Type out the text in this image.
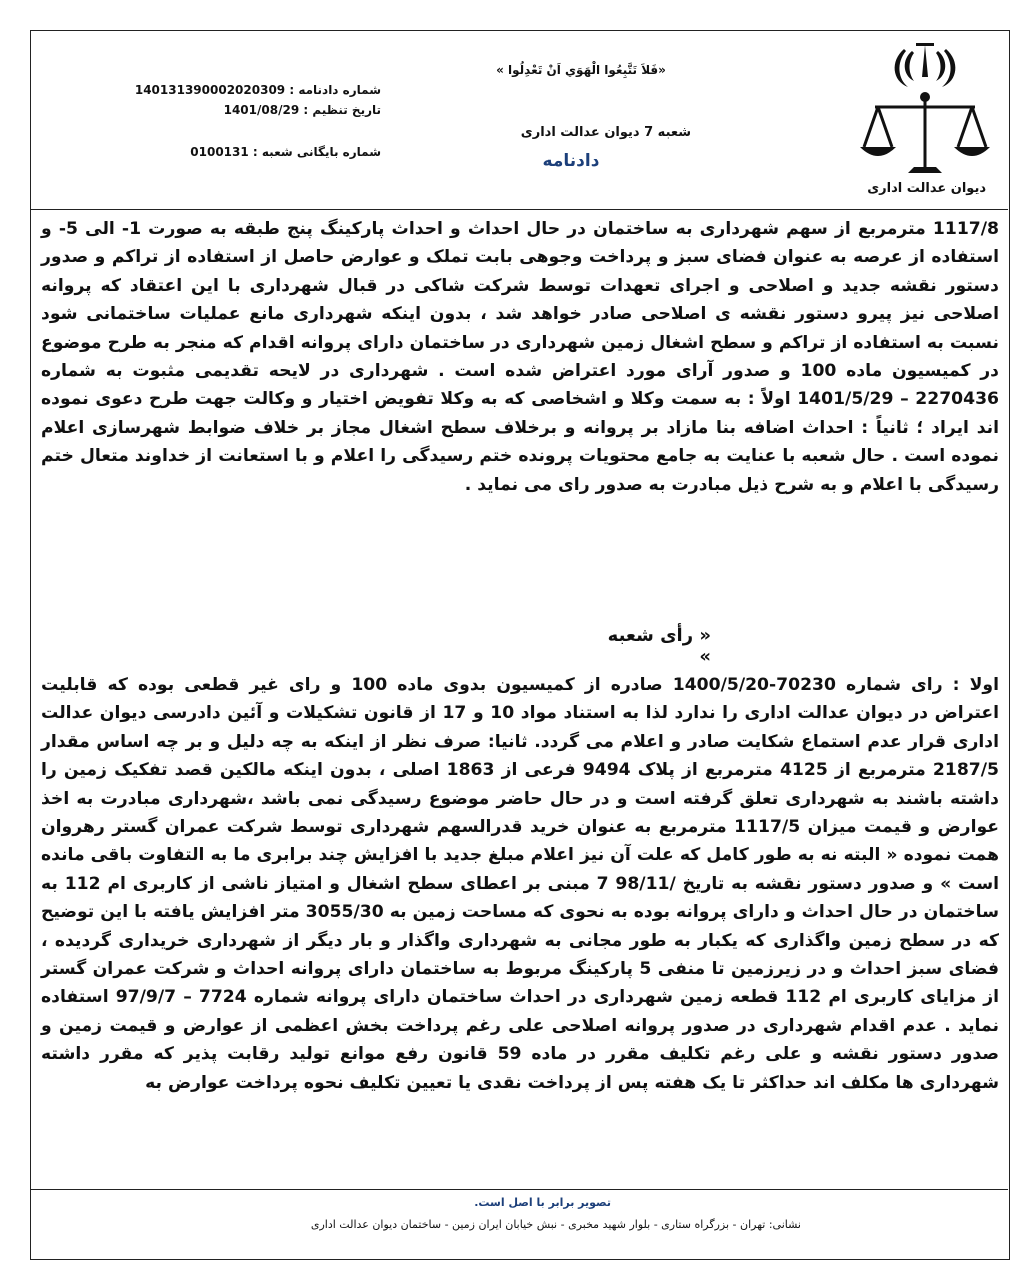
دیوان عدالت اداری
«فَلاَ تَتَّبِعُوا الْهَوَي اَنْ تَعْدِلُوا »
شعبه 7 دیوان عدالت اداری
دادنامه
شماره دادنامه : 140131390002020309
تاریخ تنظیم : 1401/08/29
شماره بایگانی شعبه : 0100131

1117/8 مترمربع از سهم شهرداری به ساختمان در حال احداث و احداث پارکینگ پنج طبقه به صورت 1- الی 5- و استفاده از عرصه به عنوان فضای سبز و پرداخت وجوهی بابت تملک و عوارض حاصل از استفاده از تراکم و صدور دستور نقشه جدید و اصلاحی و اجرای تعهدات توسط شرکت شاکی در قبال شهرداری با این اعتقاد که پروانه اصلاحی نیز پیرو دستور نقشه ی اصلاحی صادر خواهد شد ، بدون اینکه شهرداری مانع عملیات ساختمانی شود نسبت به استفاده از تراکم و سطح اشغال زمین شهرداری در ساختمان دارای پروانه اقدام که منجر به طرح موضوع در کمیسیون ماده 100 و صدور آرای مورد اعتراض شده است . شهرداری در لایحه تقدیمی مثبوت به شماره 2270436 – 1401/5/29 اولاً : به سمت وکلا و اشخاصی که به وکلا تفویض اختیار و وکالت جهت طرح دعوی نموده اند ایراد ؛ ثانیاً : احداث اضافه بنا مازاد بر پروانه و برخلاف سطح اشغال مجاز بر خلاف ضوابط شهرسازی اعلام نموده است . حال شعبه با عنایت به جامع محتویات پرونده ختم رسیدگی را اعلام و با استعانت از خداوند متعال ختم رسیدگی با اعلام و به شرح ذیل مبادرت به صدور رای می نماید .

« رأی شعبه »

اولا : رای شماره 70230-1400/5/20 صادره از کمیسیون بدوی ماده 100 و رای غیر قطعی بوده که قابلیت اعتراض در دیوان عدالت اداری را ندارد لذا به استناد مواد 10 و 17 از قانون تشکیلات و آئین دادرسی دیوان عدالت اداری قرار عدم استماع شکایت صادر و اعلام می گردد. ثانیا: صرف نظر از اینکه به چه دلیل و بر چه اساس مقدار 2187/5 مترمربع از 4125 مترمربع از پلاک 9494 فرعی از 1863 اصلی ، بدون اینکه مالکین قصد تفکیک زمین را داشته باشند به شهرداری تعلق گرفته است و در حال حاضر موضوع رسیدگی نمی باشد ،شهرداری مبادرت به اخذ عوارض و قیمت میزان 1117/5 مترمربع به عنوان خرید قدرالسهم شهرداری توسط شرکت عمران گستر رهروان همت نموده « البته نه به طور کامل که علت آن نیز اعلام مبلغ جدید با افزایش چند برابری ما به التفاوت باقی مانده است » و صدور دستور نقشه به تاریخ /98/11 7 مبنی بر اعطای سطح اشغال و امتیاز ناشی از کاربری ام 112 به ساختمان در حال احداث و دارای پروانه بوده به نحوی که مساحت زمین به 3055/30 متر افزایش یافته با این توضیح که در سطح زمین واگذاری که یکبار به طور مجانی به شهرداری واگذار و بار دیگر از شهرداری خریداری گردیده ، فضای سبز احداث و در زیرزمین تا منفی 5 پارکینگ مربوط به ساختمان دارای پروانه احداث و شرکت عمران گستر از مزایای کاربری ام 112 قطعه زمین شهرداری در احداث ساختمان دارای پروانه شماره 7724 – 97/9/7 استفاده نماید . عدم اقدام شهرداری در صدور پروانه اصلاحی علی رغم پرداخت بخش اعظمی از عوارض و قیمت زمین و صدور دستور نقشه و علی رغم تکلیف مقرر در ماده 59 قانون رفع موانع تولید رقابت پذیر که مقرر داشته شهرداری ها مکلف اند حداکثر تا یک هفته پس از پرداخت نقدی یا تعیین تکلیف نحوه پرداخت عوارض به

تصویر برابر با اصل است.
نشانی: تهران - بزرگراه ستاری - بلوار شهید مخبری - نبش خیابان ایران زمین - ساختمان دیوان عدالت اداری
